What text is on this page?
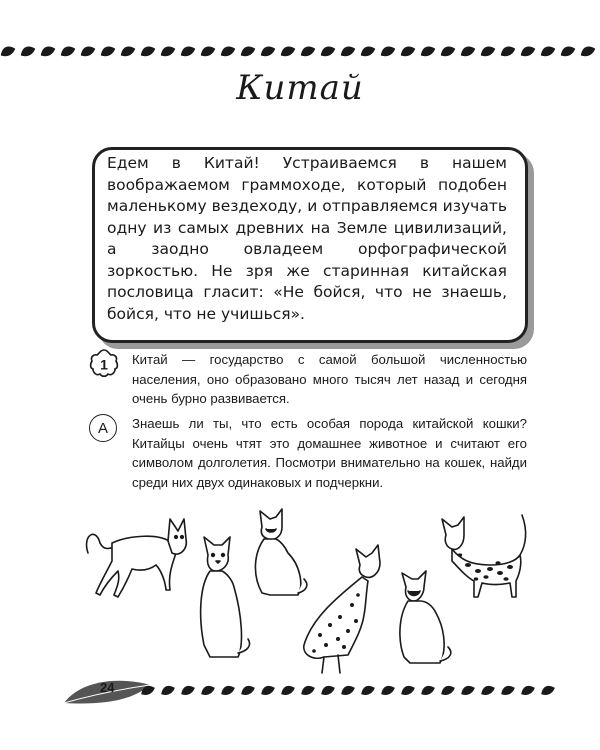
Китай
Едем в Китай! Устраиваемся в нашем воображаемом граммоходе, который подобен маленькому вездеходу, и отправляемся изучать одну из самых древних на Земле цивилизаций, а заодно овладеем орфографической зоркостью. Не зря же старинная китайская пословица гласит: «Не бойся, что не знаешь, бойся, что не учишься».
1 Китай — государство с самой большой численностью населения, оно образовано много тысяч лет назад и сегодня очень бурно развивается.
А	Знаешь ли ты, что есть особая порода китайской кошки? Китайцы очень чтят это домашнее животное и считают его символом долголетия. Посмотри внимательно на кошек, найди среди них двух одинаковых и подчеркни.
24
